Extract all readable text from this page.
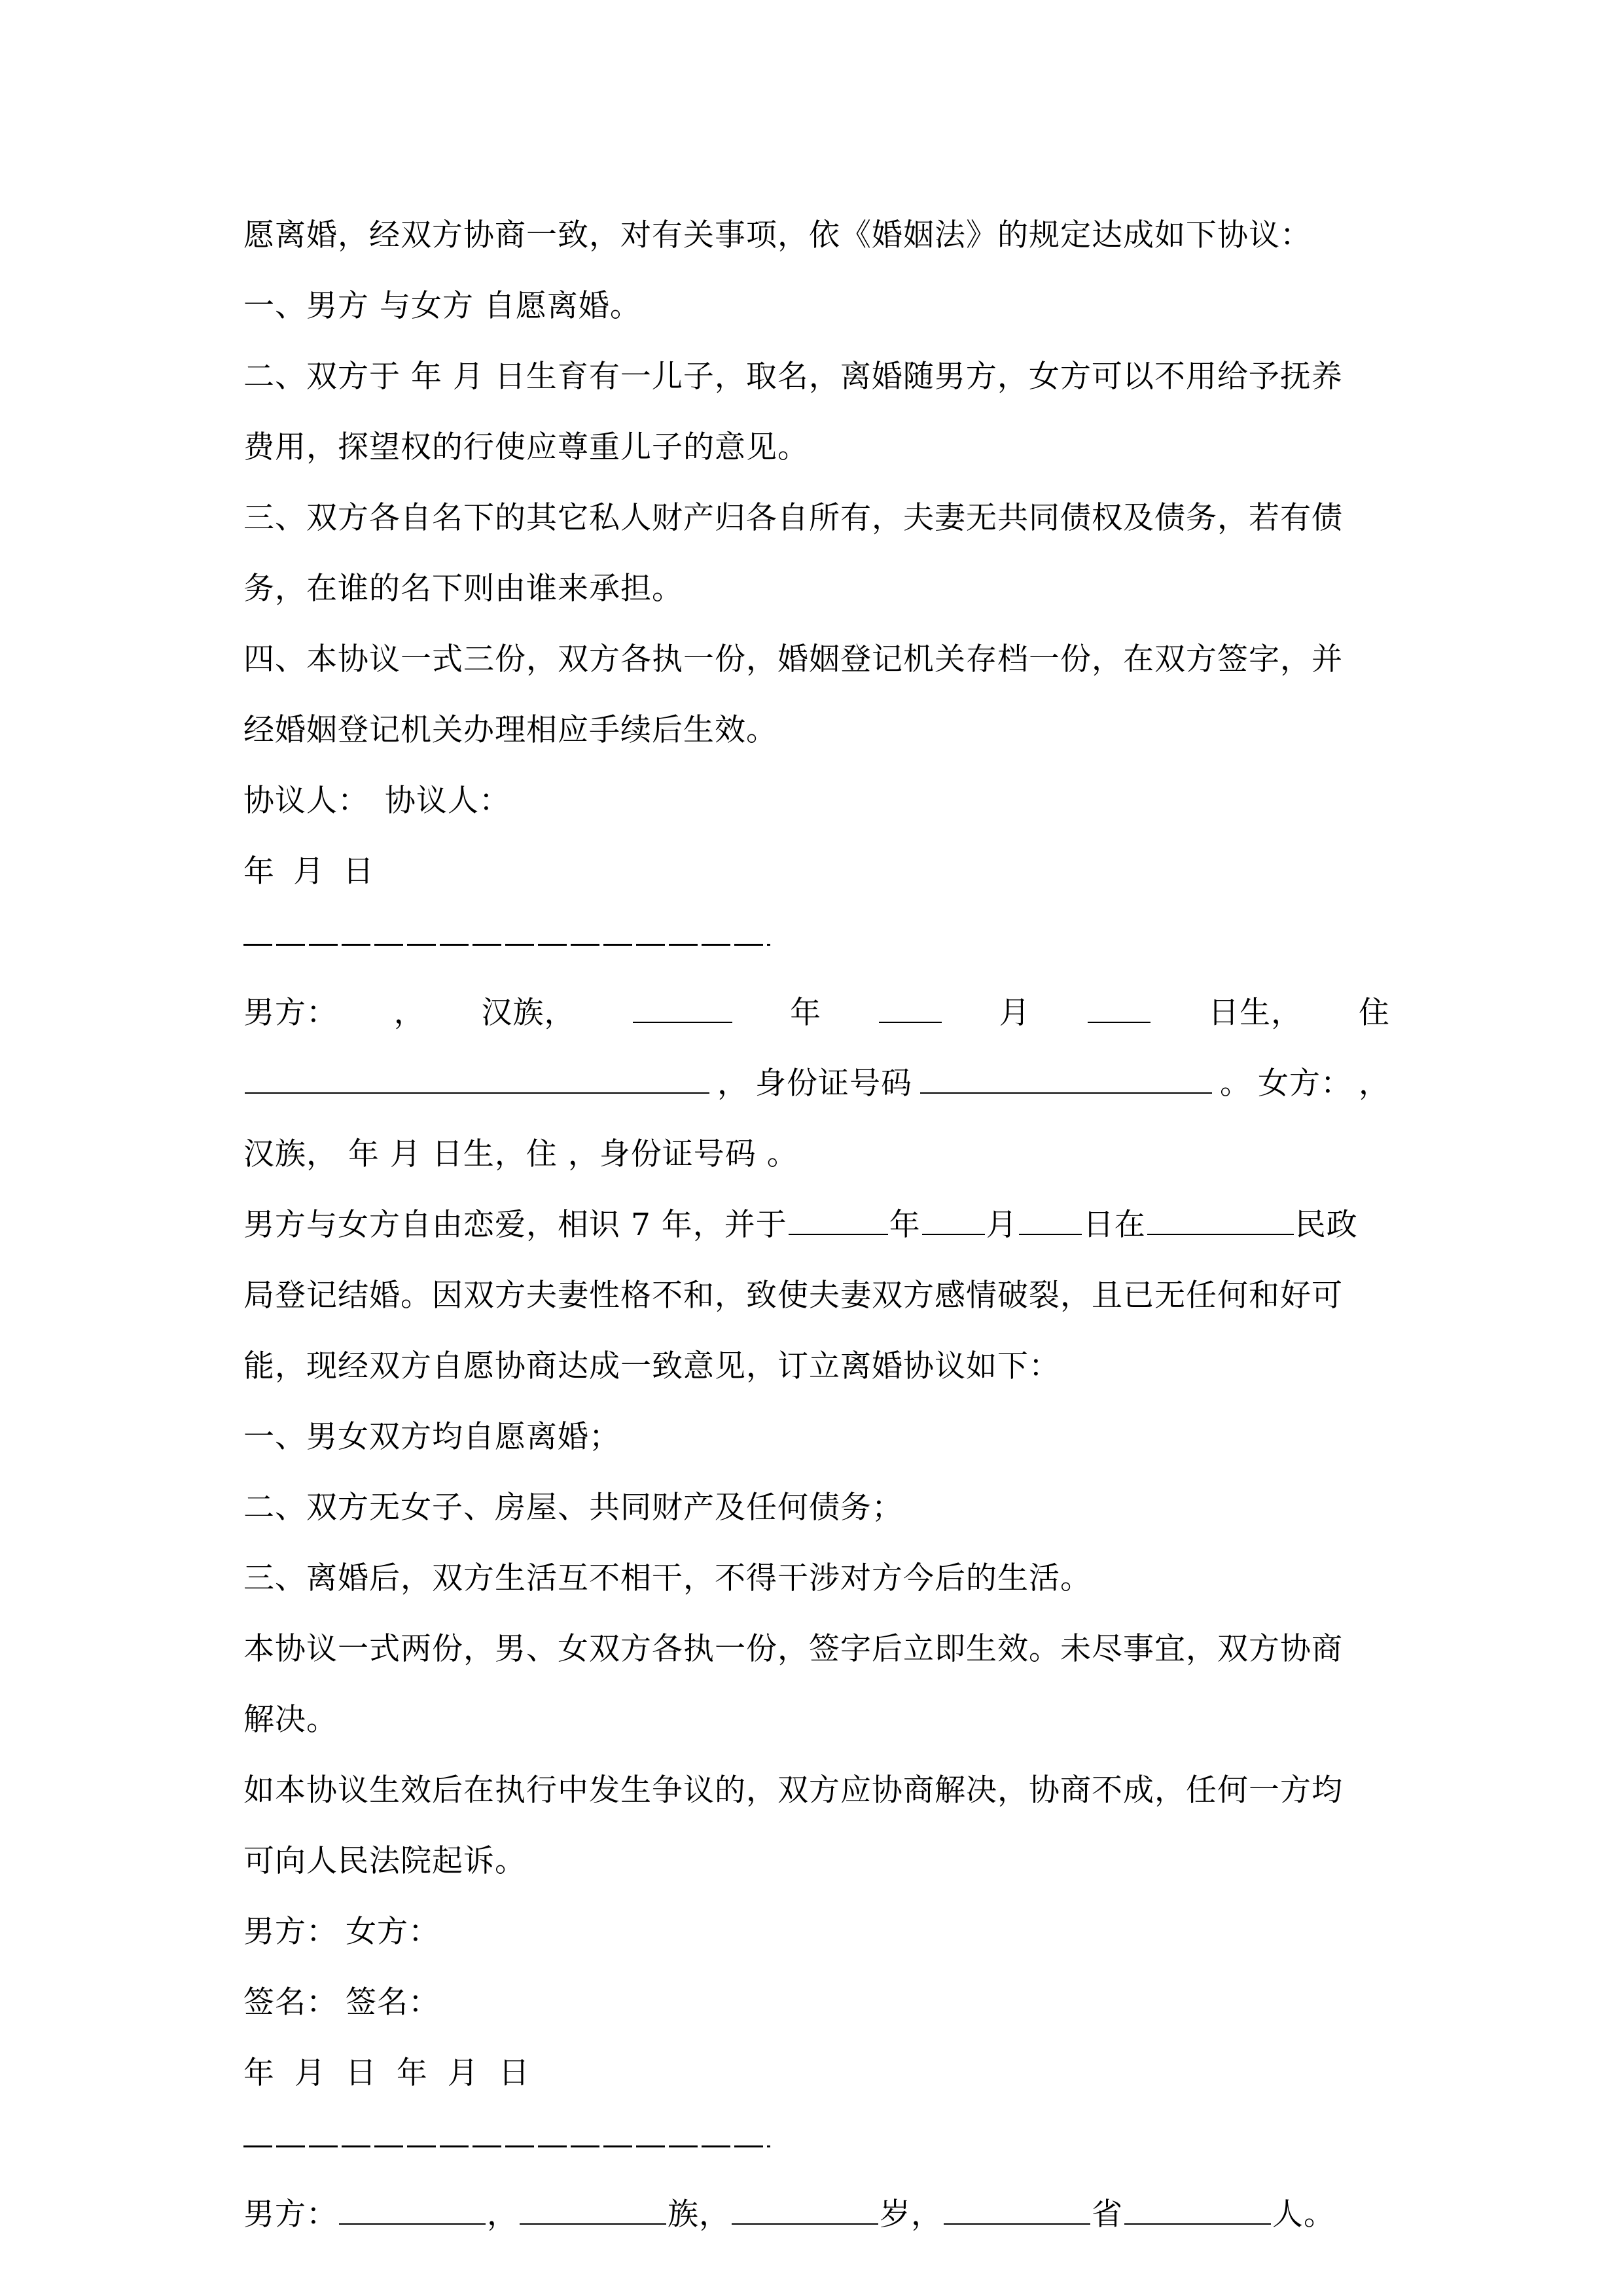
愿离婚，经双方协商一致，对有关事项，依《婚姻法》的规定达成如下协议：
一、男方 与女方 自愿离婚。
二、双方于 年 月 日生育有一儿子，取名，离婚随男方，女方可以不用给予抚养
费用，探望权的行使应尊重儿子的意见。
三、双方各自名下的其它私人财产归各自所有，夫妻无共同债权及债务，若有债
务，在谁的名下则由谁来承担。
四、本协议一式三份，双方各执一份，婚姻登记机关存档一份，在双方签字，并
经婚姻登记机关办理相应手续后生效。
协议人： 协议人：
年 月 日
男方： ， 汉族，	年	月	日生， 住
， 身份证号码	。 女方： ，
汉族， 年 月 日生，住 ，身份证号码 。
男方与女方自由恋爱，相识 7 年，并于	年 月 日在	民政
局登记结婚。因双方夫妻性格不和，致使夫妻双方感情破裂，且已无任何和好可
能，现经双方自愿协商达成一致意见，订立离婚协议如下：
一、男女双方均自愿离婚；
二、双方无女子、房屋、共同财产及任何债务；
三、离婚后，双方生活互不相干，不得干涉对方今后的生活。
本协议一式两份，男、女双方各执一份，签字后立即生效。未尽事宜，双方协商
解决。
如本协议生效后在执行中发生争议的，双方应协商解决，协商不成，任何一方均
可向人民法院起诉。
男方： 女方：
签名： 签名：
年 月 日 年 月 日
男方：	，	族，	岁，	省	人。
